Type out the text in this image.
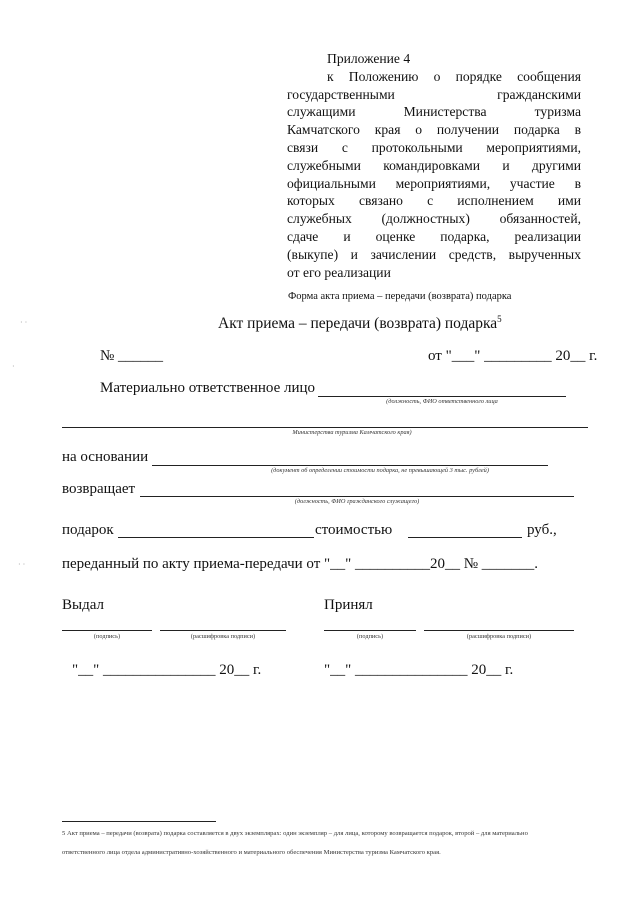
Приложение 4
к Положению о порядке сообщения
государственными гражданскими
служащими Министерства туризма
Камчатского края о получении подарка в
связи с протокольными мероприятиями,
служебными командировками и другими
официальными мероприятиями, участие в
которых связано с исполнением ими
служебных (должностных) обязанностей,
сдаче и оценке подарка, реализации
(выкупе) и зачислении средств, вырученных
от его реализации
Форма акта приема – передачи (возврата) подарка
Акт приема – передачи (возврата) подарка$^5$
№ ______	от "___" _________ 20__ г.
Материально ответственное лицо
(должность, ФИО ответственного лица
Министерства туризма Камчатского края)
на основании
(документ об определении стоимости подарка, не превышающей 3 тыс. рублей)
возвращает
(должность, ФИО гражданского служащего)
подарок	стоимостью	руб.,
переданный по акту приема-передачи от "__" __________20__ № _______.
Выдал
(подпись)	(расшифровка подписи)
"__" _______________ 20__ г.
Принял
(подпись)	(расшифровка подписи)
"__" _______________ 20__ г.
5 Акт приема – передачи (возврата) подарка составляется в двух экземплярах: один экземпляр – для лица, которому возвращается подарок, второй – для материально
ответственного лица отдела административно-хозяйственного и материального обеспечения Министерства туризма Камчатского края.
· ·
·
· ·
